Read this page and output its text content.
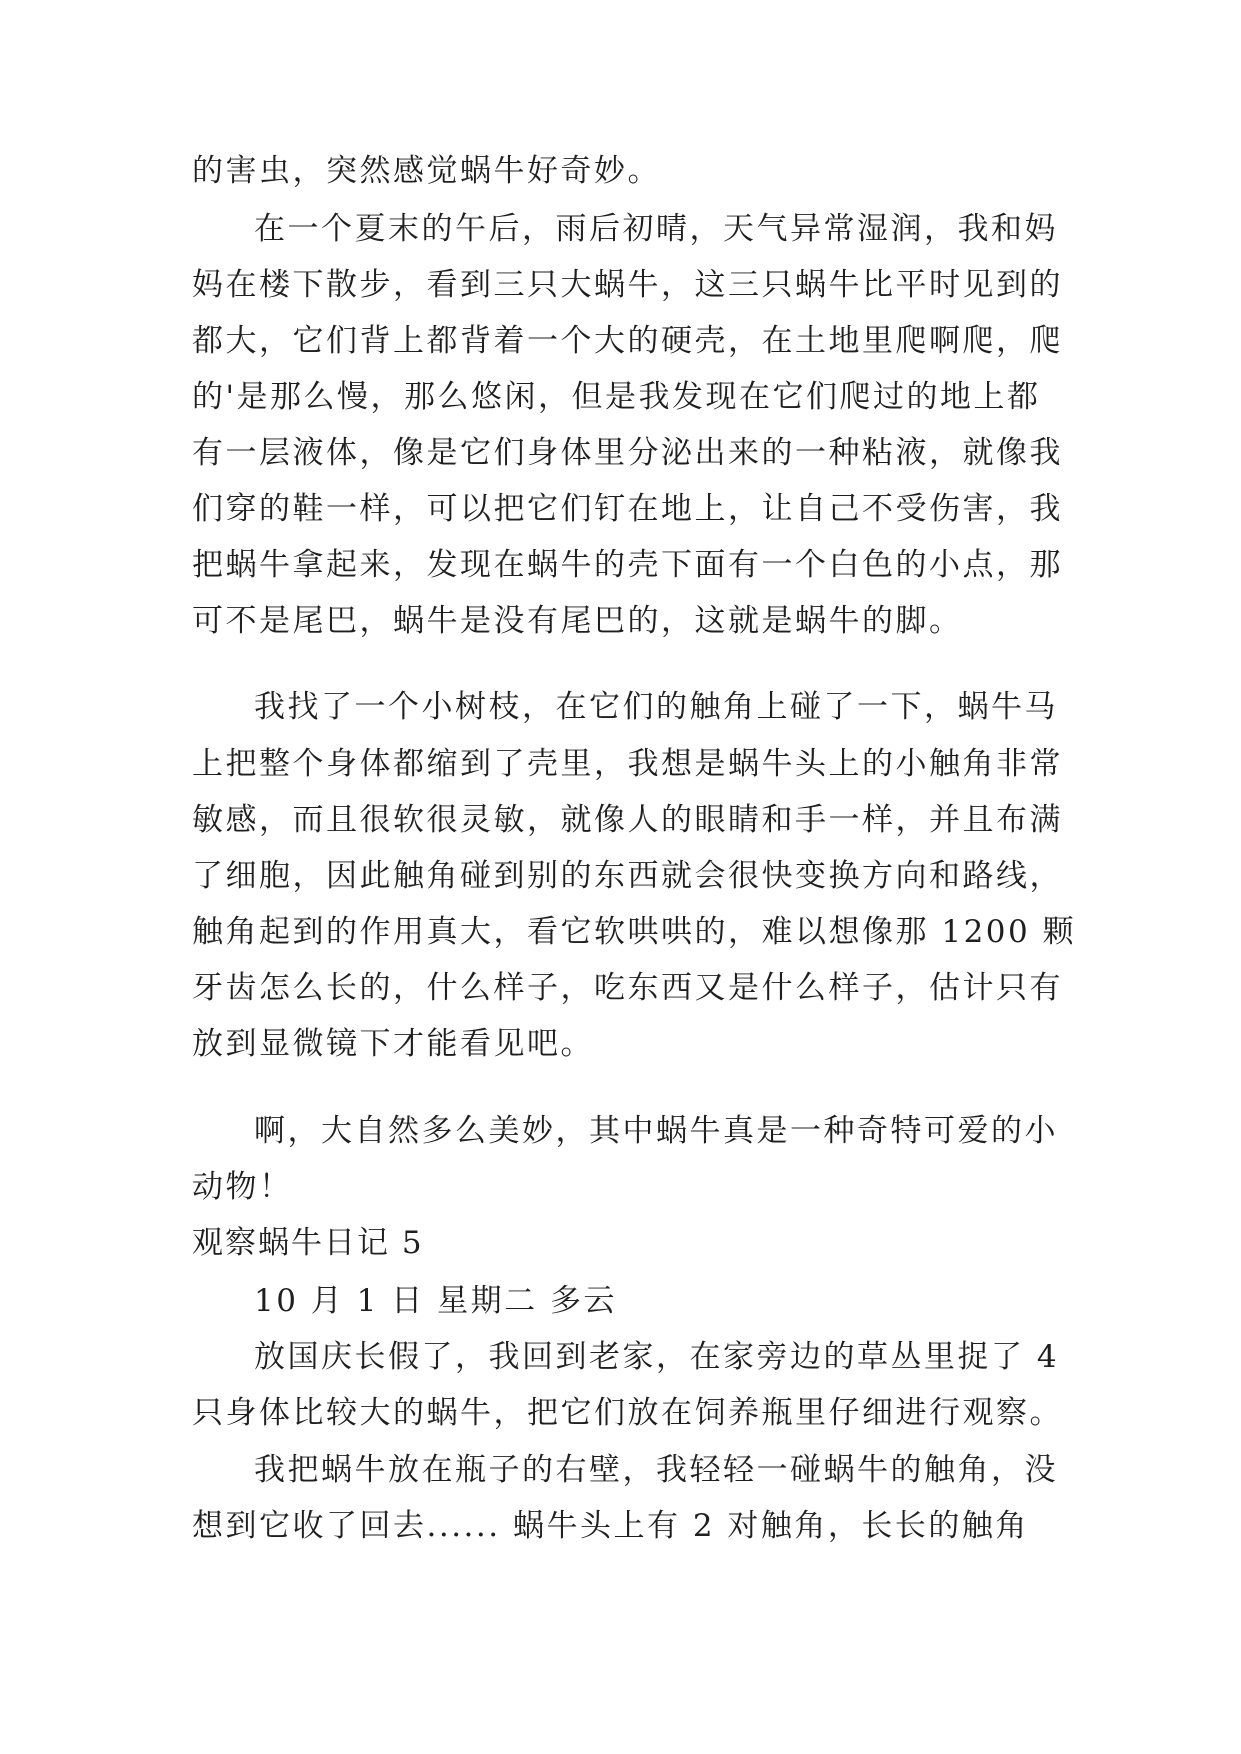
的害虫，突然感觉蜗牛好奇妙。
在一个夏末的午后，雨后初晴，天气异常湿润，我和妈
妈在楼下散步，看到三只大蜗牛，这三只蜗牛比平时见到的
都大，它们背上都背着一个大的硬壳，在土地里爬啊爬，爬
的'是那么慢，那么悠闲，但是我发现在它们爬过的地上都
有一层液体，像是它们身体里分泌出来的一种粘液，就像我
们穿的鞋一样，可以把它们钉在地上，让自己不受伤害，我
把蜗牛拿起来，发现在蜗牛的壳下面有一个白色的小点，那
可不是尾巴，蜗牛是没有尾巴的，这就是蜗牛的脚。
我找了一个小树枝，在它们的触角上碰了一下，蜗牛马
上把整个身体都缩到了壳里，我想是蜗牛头上的小触角非常
敏感，而且很软很灵敏，就像人的眼睛和手一样，并且布满
了细胞，因此触角碰到别的东西就会很快变换方向和路线，
触角起到的作用真大，看它软哄哄的，难以想像那 1200 颗
牙齿怎么长的，什么样子，吃东西又是什么样子，估计只有
放到显微镜下才能看见吧。
啊，大自然多么美妙，其中蜗牛真是一种奇特可爱的小
动物！
观察蜗牛日记 5
10 月 1 日 星期二 多云
放国庆长假了，我回到老家，在家旁边的草丛里捉了 4
只身体比较大的蜗牛，把它们放在饲养瓶里仔细进行观察。
我把蜗牛放在瓶子的右壁，我轻轻一碰蜗牛的触角，没
想到它收了回去...... 蜗牛头上有 2 对触角，长长的触角
